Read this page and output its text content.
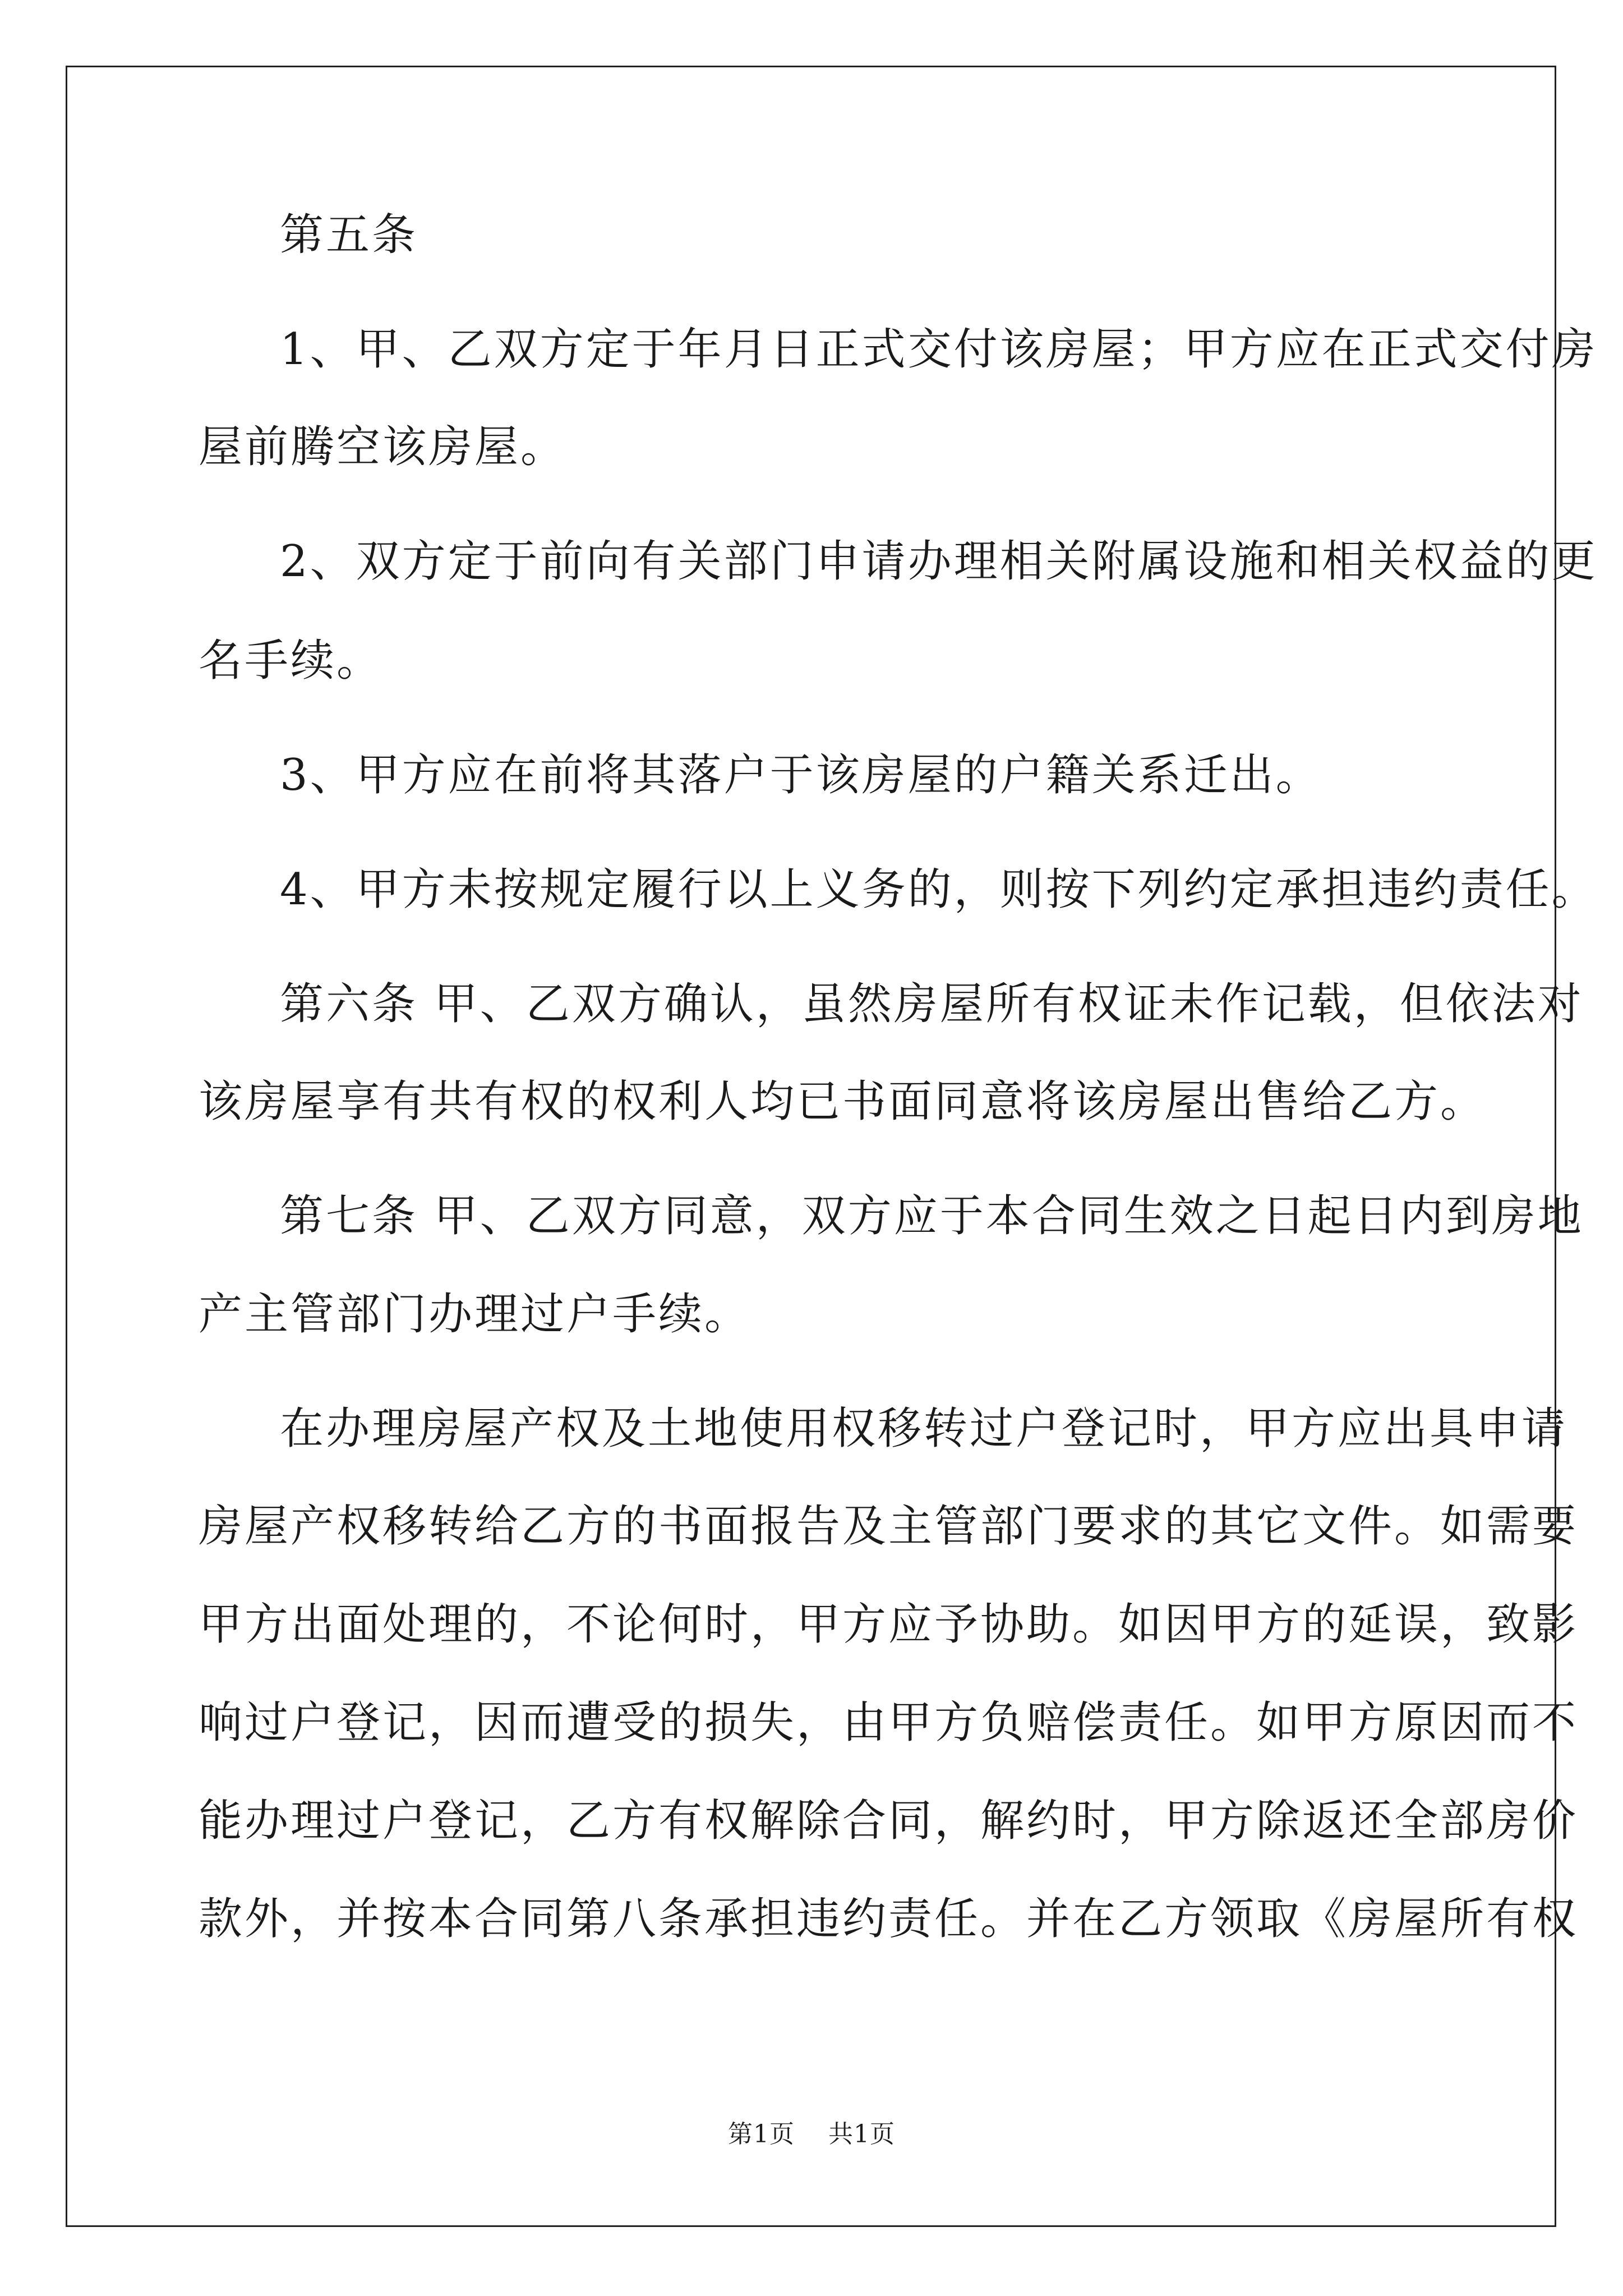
第五条
1、甲、乙双方定于年月日正式交付该房屋；甲方应在正式交付房
屋前腾空该房屋。
2、双方定于前向有关部门申请办理相关附属设施和相关权益的更
名手续。
3、甲方应在前将其落户于该房屋的户籍关系迁出。
4、甲方未按规定履行以上义务的，则按下列约定承担违约责任。
第六条 甲、乙双方确认，虽然房屋所有权证未作记载，但依法对
该房屋享有共有权的权利人均已书面同意将该房屋出售给乙方。
第七条 甲、乙双方同意，双方应于本合同生效之日起日内到房地
产主管部门办理过户手续。
在办理房屋产权及土地使用权移转过户登记时，甲方应出具申请
房屋产权移转给乙方的书面报告及主管部门要求的其它文件。如需要
甲方出面处理的，不论何时，甲方应予协助。如因甲方的延误，致影
响过户登记，因而遭受的损失，由甲方负赔偿责任。如甲方原因而不
能办理过户登记，乙方有权解除合同，解约时，甲方除返还全部房价
款外，并按本合同第八条承担违约责任。并在乙方领取《房屋所有权
第1页 共1页
